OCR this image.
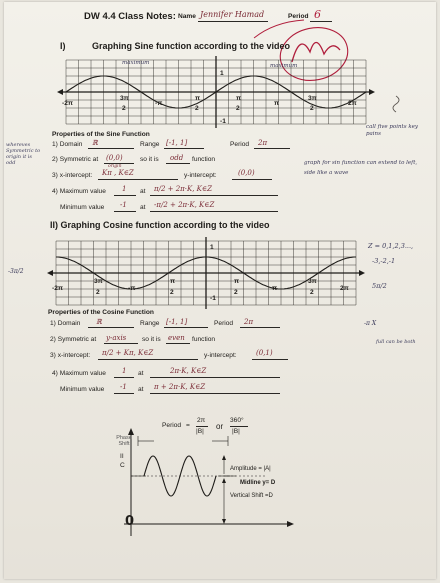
DW 4.4 Class Notes: Name Jennifer Hamad	Period 6
I)	Graphing Sine function according to the video
maximum	maximum
1
-1
-2π
3π
2
-π
π
2
π
2
π
3π
2
2π
whereves Symmetric to origin it is odd
Properties of the Sine Function
1) Domain ℝ	Range [-1, 1]	Period 2π
2) Symmetric at (0,0)
origin
so it is odd function
3) x-intercept: Kπ , K∈Z	y-intercept:	(0,0)
4) Maximum value 1 at π/2 + 2π·K, K∈Z
Minimum value -1 at -π/2 + 2π·K, K∈Z
call five points key pains
graph for sin function can extend to left, side like a wave
II) Graphing Cosine function according to the video
1
-1
-2π
3π
2
-π
π
2
π
2
π
3π
2
2π
-3π/2
Z = 0,1,2,3...,
-3,-2,-1
5π/2
-π X
full can be both
Properties of the Cosine Function
1) Domain ℝ	Range [-1, 1]	Period 2π
2) Symmetric at y-axis so it is even function
3) x-intercept: π/2 + Kπ, K∈Z	y-intercept:	(0,1)
4) Maximum value 1 at	2π·K, K∈Z
Minimum value -1 at π + 2π·K, K∈Z
Period =
2π
|B|
or
360°
|B|
Phase Shift
II
C	Amplitude = |A|
Midline y= D
Vertical Shift =D
0
